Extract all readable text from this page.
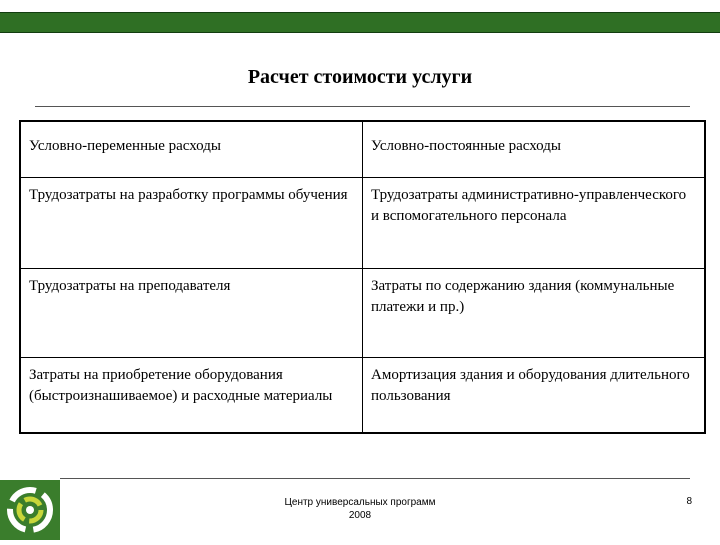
Расчет стоимости услуги
Условно-переменные расходы	Условно-постоянные расходы
Трудозатраты на разработку программы обучения	Трудозатраты административно-управленческого и вспомогательного персонала
Трудозатраты на преподавателя	Затраты по содержанию здания (коммунальные платежи и пр.)
Затраты на приобретение оборудования (быстроизнашиваемое) и расходные материалы	Амортизация здания и оборудования длительного пользования
Центр универсальных программ
2008
8
